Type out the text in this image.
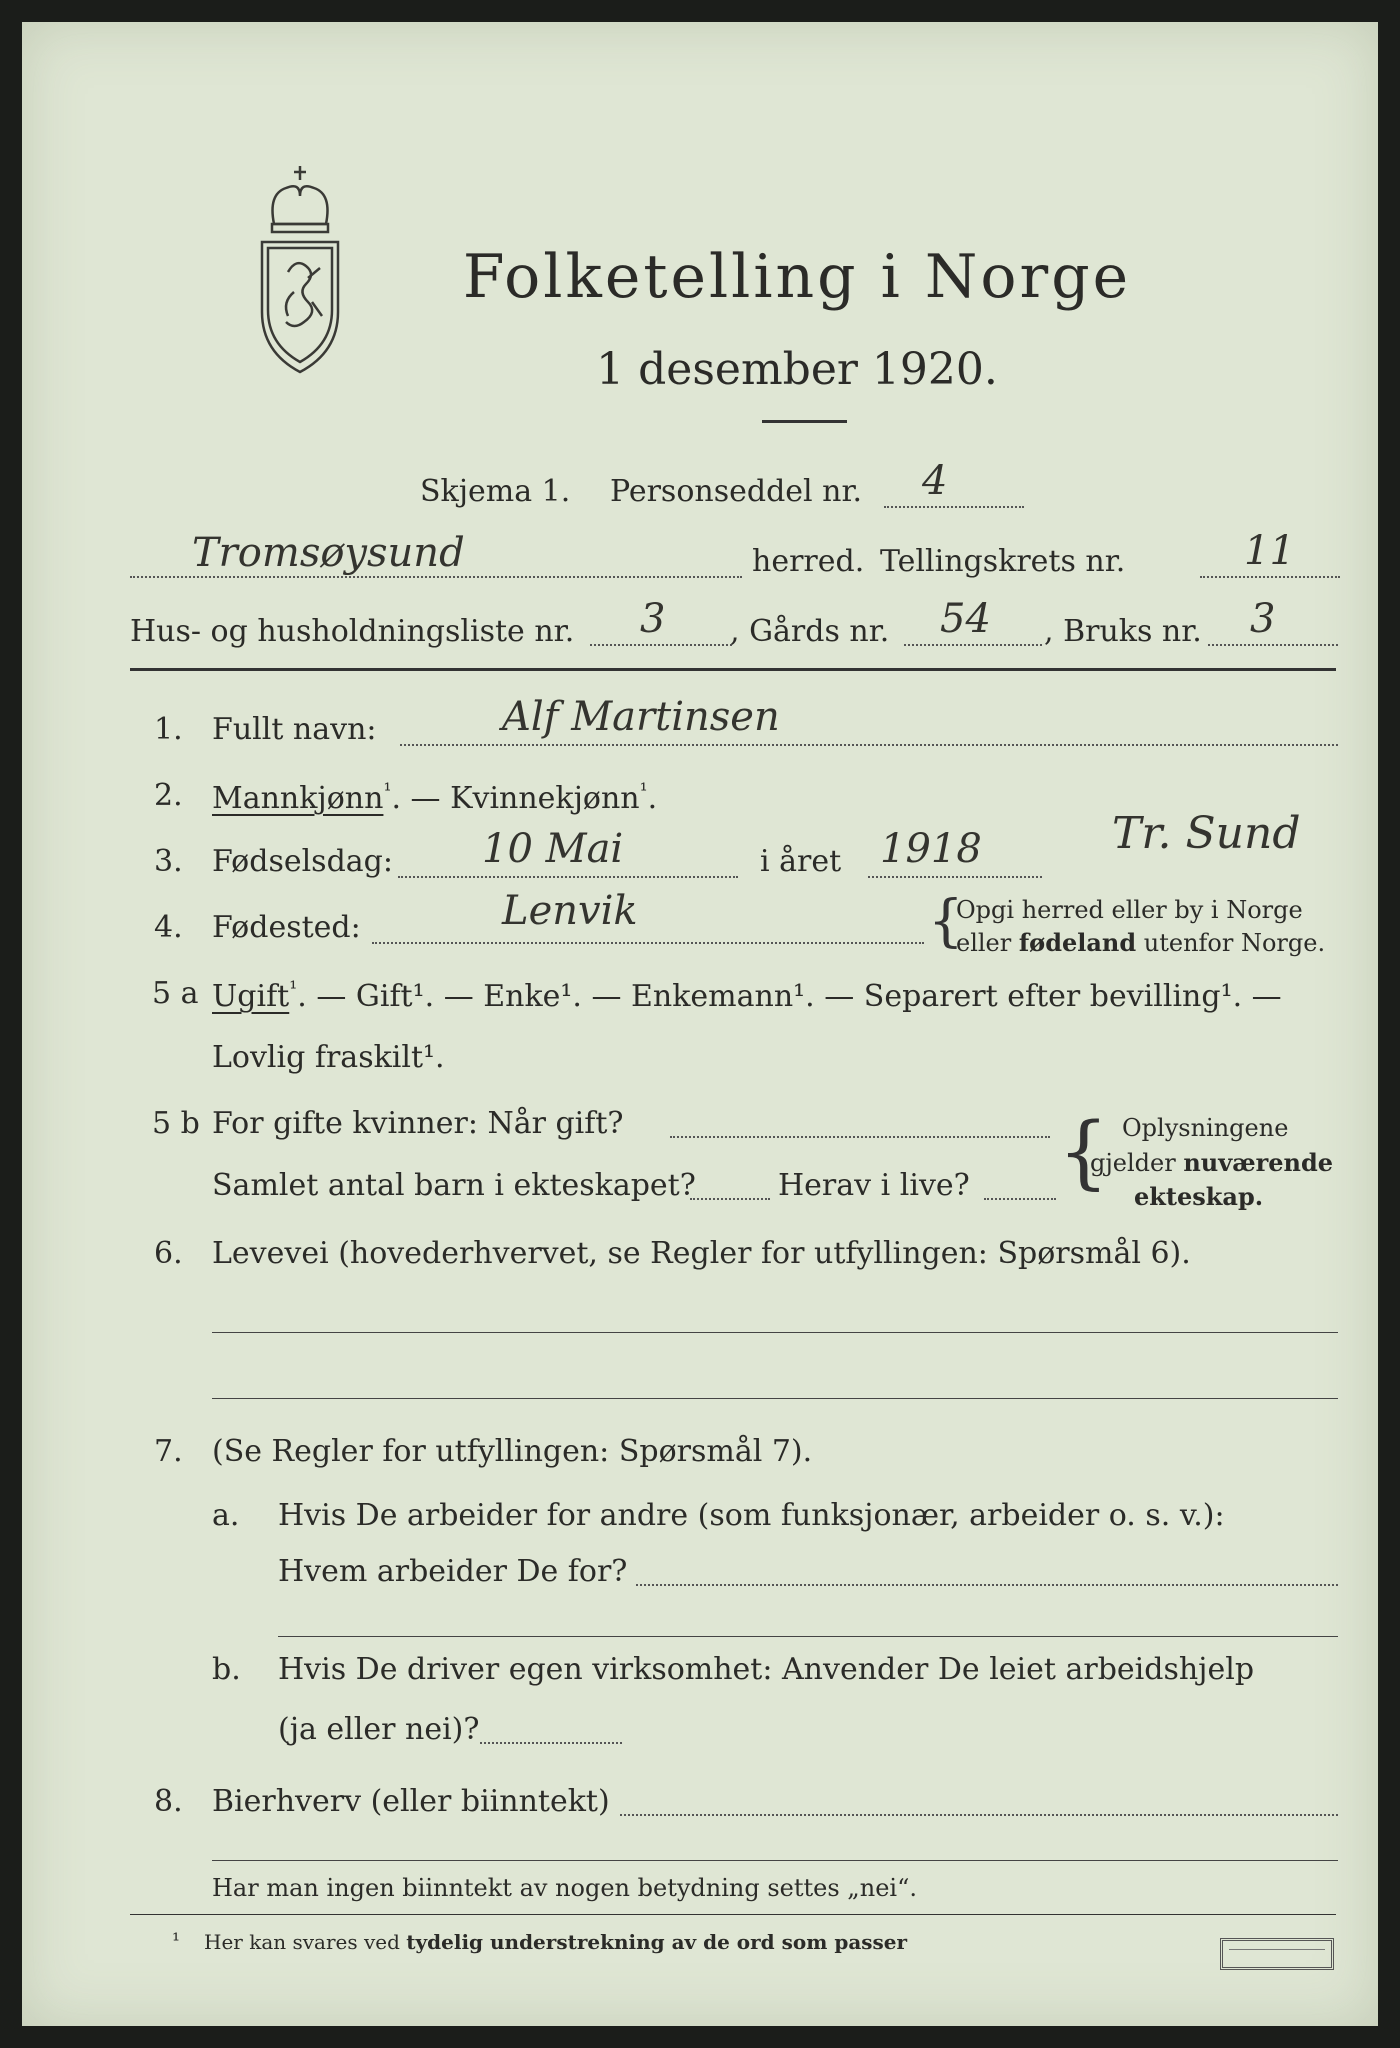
Folketelling i Norge
1 desember 1920.
Skjema 1. Personseddel nr. 4
Tromsøysund	herred. Tellingskrets nr.	11
Hus- og husholdningsliste nr. 3 , Gårds nr. 54 , Bruks nr. 3
1. Fullt navn:	Alf Martinsen
2. Mannkjønn$^{^1}$. — Kvinnekjønn$^{^1}$.
3. Fødselsdag: 10 Mai	i året 1918	Tr. Sund
4. Fødested:	Lenvik	{
Opgi herred eller by i Norge
eller fødeland utenfor Norge.
5 a Ugift$^{^1}$. — Gift¹. — Enke¹. — Enkemann¹. — Separert efter bevilling¹. —
Lovlig fraskilt¹.
5 b For gifte kvinner: Når gift?
Samlet antal barn i ekteskapet?	Herav i live? { Oplysningene
gjelder nuværende
ekteskap.
6. Levevei (hovederhvervet, se Regler for utfyllingen: Spørsmål 6).
7. (Se Regler for utfyllingen: Spørsmål 7).
a. Hvis De arbeider for andre (som funksjonær, arbeider o. s. v.):
Hvem arbeider De for?
b. Hvis De driver egen virksomhet: Anvender De leiet arbeidshjelp
(ja eller nei)?
8. Bierhverv (eller biinntekt)
Har man ingen biinntekt av nogen betydning settes „nei“.
¹ Her kan svares ved tydelig understrekning av de ord som passer
